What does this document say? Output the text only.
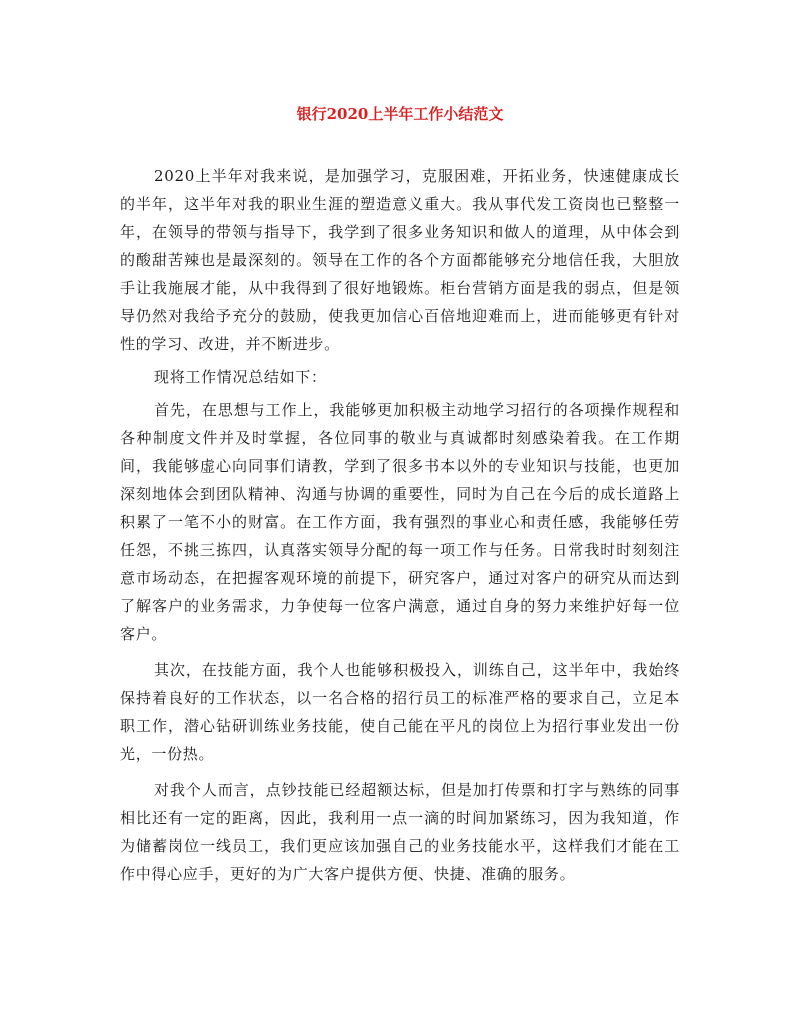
银行2020上半年工作小结范文

2020上半年对我来说，是加强学习，克服困难，开拓业务，快速健康成长的半年，这半年对我的职业生涯的塑造意义重大。我从事代发工资岗也已整整一年，在领导的带领与指导下，我学到了很多业务知识和做人的道理，从中体会到的酸甜苦辣也是最深刻的。领导在工作的各个方面都能够充分地信任我，大胆放手让我施展才能，从中我得到了很好地锻炼。柜台营销方面是我的弱点，但是领导仍然对我给予充分的鼓励，使我更加信心百倍地迎难而上，进而能够更有针对性的学习、改进，并不断进步。

现将工作情况总结如下：

首先，在思想与工作上，我能够更加积极主动地学习招行的各项操作规程和各种制度文件并及时掌握，各位同事的敬业与真诚都时刻感染着我。在工作期间，我能够虚心向同事们请教，学到了很多书本以外的专业知识与技能，也更加深刻地体会到团队精神、沟通与协调的重要性，同时为自己在今后的成长道路上积累了一笔不小的财富。在工作方面，我有强烈的事业心和责任感，我能够任劳任怨，不挑三拣四，认真落实领导分配的每一项工作与任务。日常我时时刻刻注意市场动态，在把握客观环境的前提下，研究客户，通过对客户的研究从而达到了解客户的业务需求，力争使每一位客户满意，通过自身的努力来维护好每一位客户。

其次，在技能方面，我个人也能够积极投入，训练自己，这半年中，我始终保持着良好的工作状态，以一名合格的招行员工的标准严格的要求自己，立足本职工作，潜心钻研训练业务技能，使自己能在平凡的岗位上为招行事业发出一份光，一份热。

对我个人而言，点钞技能已经超额达标，但是加打传票和打字与熟练的同事相比还有一定的距离，因此，我利用一点一滴的时间加紧练习，因为我知道，作为储蓄岗位一线员工，我们更应该加强自己的业务技能水平，这样我们才能在工作中得心应手，更好的为广大客户提供方便、快捷、准确的服务。
